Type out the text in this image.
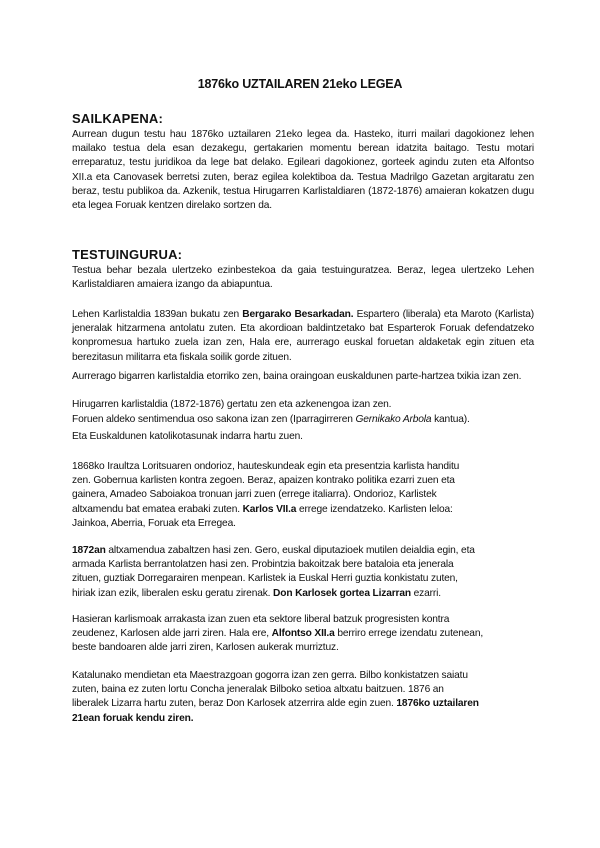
1876ko UZTAILAREN 21eko LEGEA
SAILKAPENA:
Aurrean dugun testu hau 1876ko uztailaren 21eko legea da. Hasteko, iturri mailari dagokionez lehen mailako testua dela esan dezakegu, gertakarien momentu berean idatzita baitago. Testu motari erreparatuz, testu juridikoa da lege bat delako. Egileari dagokionez, gorteek agindu zuten eta Alfontso XII.a eta Canovasek berretsi zuten, beraz egilea kolektiboa da. Testua Madrilgo Gazetan argitaratu zen beraz, testu publikoa da. Azkenik, testua Hirugarren Karlistaldiaren (1872-1876) amaieran kokatzen dugu eta legea Foruak kentzen direlako sortzen da.
TESTUINGURUA:
Testua behar bezala ulertzeko ezinbestekoa da gaia testuinguratzea. Beraz, legea ulertzeko Lehen Karlistaldiaren amaiera izango da abiapuntua.
Lehen Karlistaldia 1839an bukatu zen Bergarako Besarkadan. Espartero (liberala) eta Maroto (Karlista) jeneralak hitzarmena antolatu zuten. Eta akordioan baldintzetako bat Esparterok Foruak defendatzeko konpromesua hartuko zuela izan zen, Hala ere, aurrerago euskal foruetan aldaketak egin zituen eta berezitasun militarra eta fiskala soilik gorde zituen.
Aurrerago bigarren karlistaldia etorriko zen, baina oraingoan euskaldunen parte-hartzea txikia izan zen.
Hirugarren karlistaldia (1872-1876) gertatu zen eta azkenengoa izan zen.
Foruen aldeko sentimendua oso sakona izan zen (Iparragirreren Gernikako Arbola kantua).
Eta Euskaldunen katolikotasunak indarra hartu zuen.
1868ko Iraultza Loritsuaren ondorioz, hauteskundeak egin eta presentzia karlista handitu
zen. Gobernua karlisten kontra zegoen. Beraz, apaizen kontrako politika ezarri zuen eta
gainera, Amadeo Saboiakoa tronuan jarri zuen (errege italiarra). Ondorioz, Karlistek
altxamendu bat ematea erabaki zuten. Karlos VII.a errege izendatzeko. Karlisten leloa:
Jainkoa, Aberria, Foruak eta Erregea.
1872an altxamendua zabaltzen hasi zen. Gero, euskal diputazioek mutilen deialdia egin, eta
armada Karlista berrantolatzen hasi zen. Probintzia bakoitzak bere bataloia eta jenerala
zituen, guztiak Dorregarairen menpean. Karlistek ia Euskal Herri guztia konkistatu zuten,
hiriak izan ezik, liberalen esku geratu zirenak. Don Karlosek gortea Lizarran ezarri.
Hasieran karlismoak arrakasta izan zuen eta sektore liberal batzuk progresisten kontra
zeudenez, Karlosen alde jarri ziren. Hala ere, Alfontso XII.a berriro errege izendatu zutenean,
beste bandoaren alde jarri ziren, Karlosen aukerak murriztuz.
Katalunako mendietan eta Maestrazgoan gogorra izan zen gerra. Bilbo konkistatzen saiatu
zuten, baina ez zuten lortu Concha jeneralak Bilboko setioa altxatu baitzuen. 1876 an
liberalek Lizarra hartu zuten, beraz Don Karlosek atzerrira alde egin zuen. 1876ko uztailaren
21ean foruak kendu ziren.
